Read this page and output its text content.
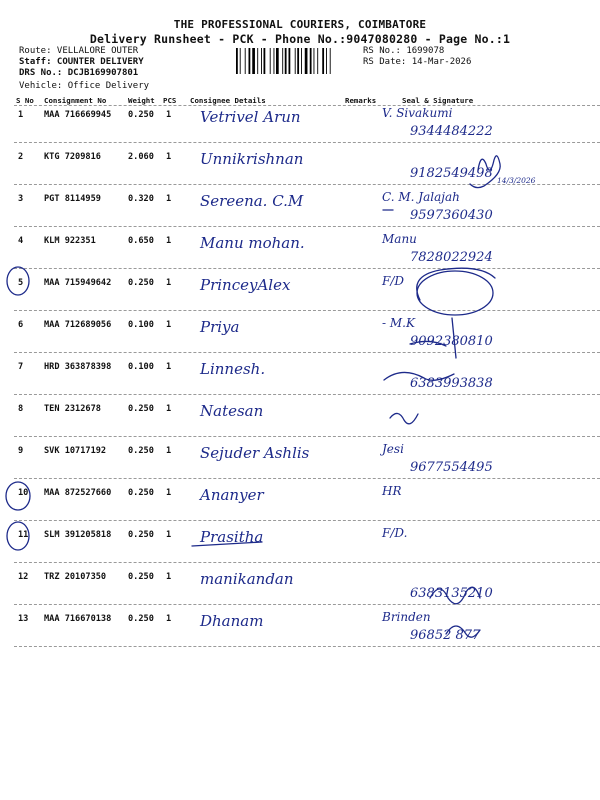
THE PROFESSIONAL COURIERS, COIMBATORE
Delivery Runsheet - PCK - Phone No.:9047080280 - Page No.:1
Route: VELLALORE OUTER
Staff: COUNTER DELIVERY
DRS No.: DCJB169907801
RS No.: 1699078
RS Date: 14-Mar-2026
Vehicle: Office Delivery
S No Consignment No	Weight PCS Consignee Details	Remarks	Seal & Signature
1 MAA 716669945 0.250 1 Vetrivel Arun	V. Sivakumi
9344484222
2 KTG 7209816	2.060 1 Unnikrishnan
9182549498
3 PGT 8114959	0.320 1 Sereena. C.M	C. M. Jalajah
9597360430
4 KLM 922351	0.650 1 Manu mohan.	Manu
7828022924
5 MAA 715949642 0.250 1 PrinceyAlex	F/D
6 MAA 712689056 0.100 1 Priya	- M.K
9092380810
7 HRD 363878398 0.100 1 Linnesh.
6383993838
8 TEN 2312678	0.250 1 Natesan
9 SVK 10717192	0.250 1 Sejuder Ashlis	Jesi
9677554495
10 MAA 872527660 0.250 1 Ananyer	HR
11 SLM 391205818 0.250 1 Prasitha	F/D.
12 TRZ 20107350	0.250 1 manikandan
6383135210
13 MAA 716670138 0.250 1 Dhanam	Brinden
96852 877
14/3/2026
